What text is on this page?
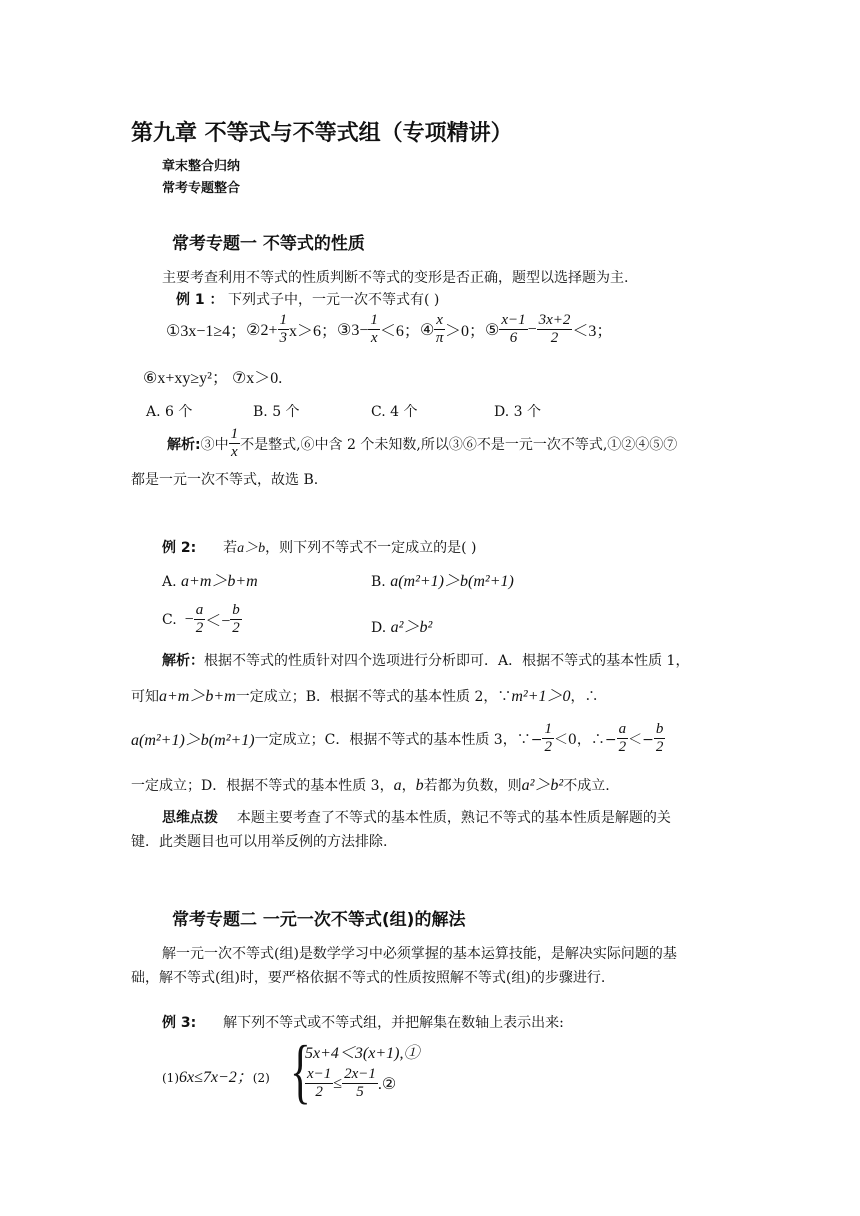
第九章 不等式与不等式组（专项精讲）
章末整合归纳
常考专题整合
常考专题一 不等式的性质
主要考查利用不等式的性质判断不等式的变形是否正确，题型以选择题为主.
例 1 ： 下列式子中，一元一次不等式有( )
①3x−1≥4； ②2+ $\frac{1}{3} x>6$； ③3− $\frac{1}{x} <6$； ④ $\frac{x}{\pi} >0$； ⑤ $\frac{x-1}{6} - \frac{3x+2}{2} <3$；
⑥x+xy≥y²； ⑦x＞0.
A. 6 个	B. 5 个	C. 4 个	D. 3 个
解析: ③中 $\frac{1}{x}$ 不是整式,⑥中含 2 个未知数,所以③⑥不是一元一次不等式,①②④⑤⑦
都是一元一次不等式，故选 B.
例 2: 若a＞b，则下列不等式不一定成立的是( )
A. a+m＞b+m	B. a(m²+1)＞b(m²+1)
C. − $\frac{a}{2} <- \frac{b}{2}$	D. a²＞b²
解析：根据不等式的性质针对四个选项进行分析即可．A．根据不等式的基本性质 1，
可知a+m＞b+m一定成立；B．根据不等式的基本性质 2，∵m²+1＞0，∴
a(m²+1)＞b(m²+1) 一定成立；C．根据不等式的基本性质 3，∵− $\frac{1}{2} <0$，∴− $\frac{a}{2} <- \frac{b}{2}$
一定成立；D．根据不等式的基本性质 3，a，b若都为负数，则a²＞b²不成立.
思维点拨 本题主要考查了不等式的基本性质，熟记不等式的基本性质是解题的关
键．此类题目也可以用举反例的方法排除.
常考专题二 一元一次不等式(组)的解法
解一元一次不等式(组)是数学学习中必须掌握的基本运算技能，是解决实际问题的基
础，解不等式(组)时，要严格依据不等式的性质按照解不等式(组)的步骤进行.
例 3: 解下列不等式或不等式组，并把解集在数轴上表示出来:
(1)6x≤7x−2；(2) {
5x+4＜3(x+1),①
$\frac{x-1}{2} \le \frac{2x-1}{5}$ .②
